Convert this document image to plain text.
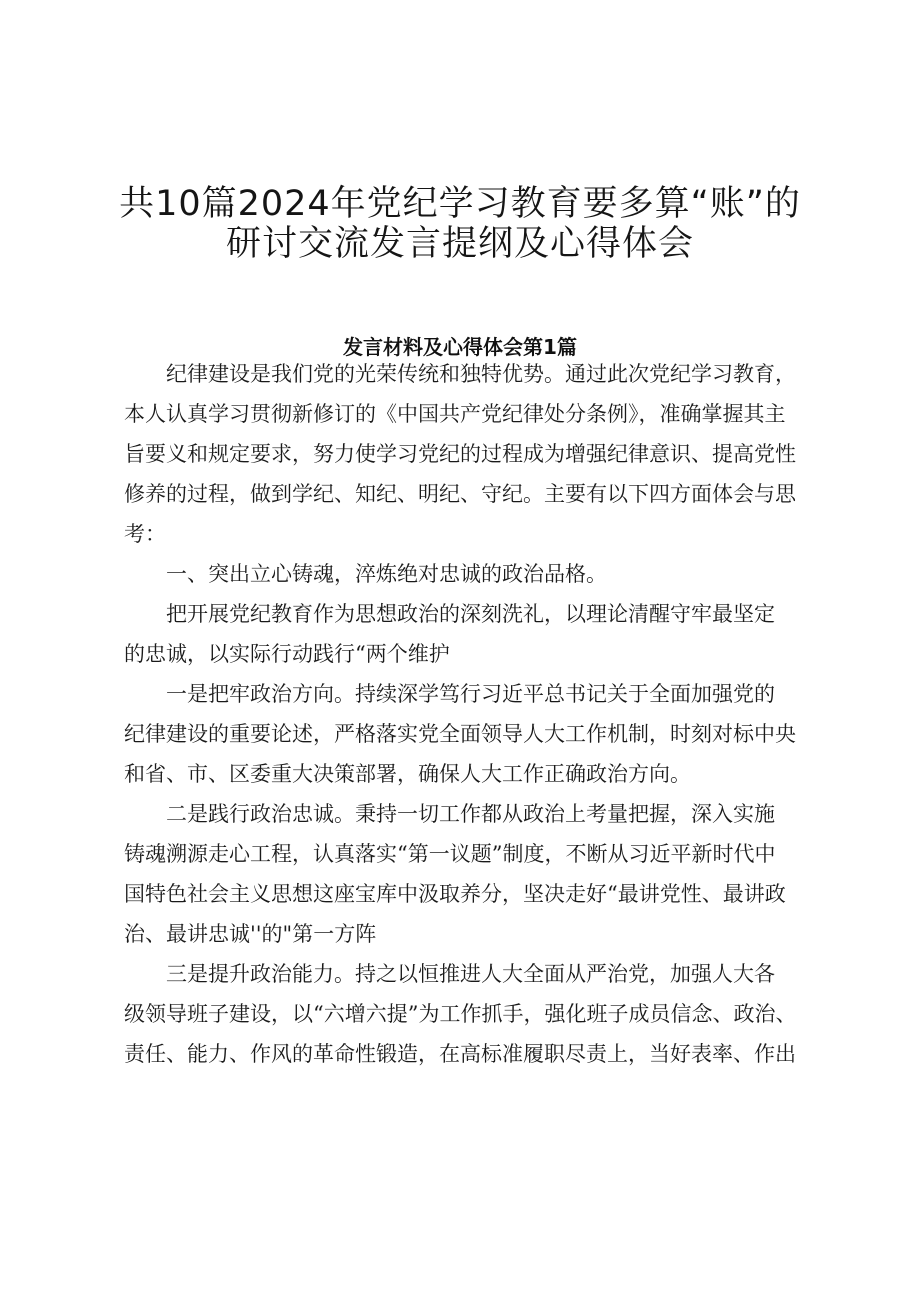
共10篇2024年党纪学习教育要多算“账”的
研讨交流发言提纲及心得体会
发言材料及心得体会第1篇
纪律建设是我们党的光荣传统和独特优势。通过此次党纪学习教育，
本人认真学习贯彻新修订的《中国共产党纪律处分条例》，准确掌握其主
旨要义和规定要求，努力使学习党纪的过程成为增强纪律意识、提高党性
修养的过程，做到学纪、知纪、明纪、守纪。主要有以下四方面体会与思
考：
一、突出立心铸魂，淬炼绝对忠诚的政治品格。
把开展党纪教育作为思想政治的深刻洗礼，以理论清醒守牢最坚定
的忠诚，以实际行动践行“两个维护
一是把牢政治方向。持续深学笃行习近平总书记关于全面加强党的
纪律建设的重要论述，严格落实党全面领导人大工作机制，时刻对标中央
和省、市、区委重大决策部署，确保人大工作正确政治方向。
二是践行政治忠诚。秉持一切工作都从政治上考量把握，深入实施
铸魂溯源走心工程，认真落实“第一议题”制度，不断从习近平新时代中
国特色社会主义思想这座宝库中汲取养分，坚决走好“最讲党性、最讲政
治、最讲忠诚''的"第一方阵
三是提升政治能力。持之以恒推进人大全面从严治党，加强人大各
级领导班子建设，以“六增六提”为工作抓手，强化班子成员信念、政治、
责任、能力、作风的革命性锻造，在高标准履职尽责上，当好表率、作出
